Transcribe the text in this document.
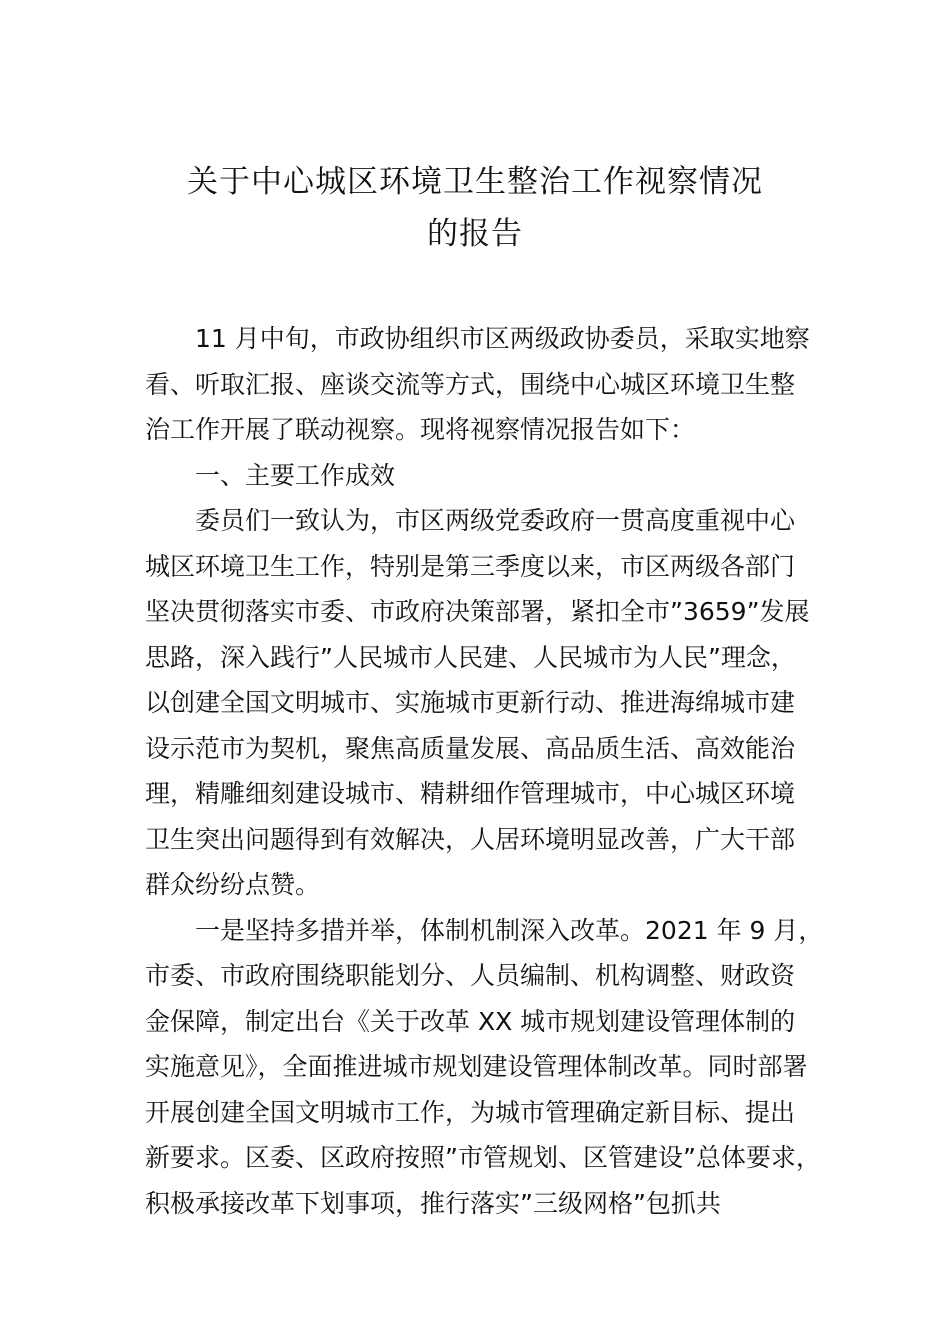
关于中心城区环境卫生整治工作视察情况
的报告

11 月中旬，市政协组织市区两级政协委员，采取实地察
看、听取汇报、座谈交流等方式，围绕中心城区环境卫生整
治工作开展了联动视察。现将视察情况报告如下：

一、主要工作成效

委员们一致认为，市区两级党委政府一贯高度重视中心
城区环境卫生工作，特别是第三季度以来，市区两级各部门
坚决贯彻落实市委、市政府决策部署，紧扣全市”3659”发展
思路，深入践行”人民城市人民建、人民城市为人民”理念，
以创建全国文明城市、实施城市更新行动、推进海绵城市建
设示范市为契机，聚焦高质量发展、高品质生活、高效能治
理，精雕细刻建设城市、精耕细作管理城市，中心城区环境
卫生突出问题得到有效解决，人居环境明显改善，广大干部
群众纷纷点赞。

一是坚持多措并举，体制机制深入改革。2021 年 9 月，
市委、市政府围绕职能划分、人员编制、机构调整、财政资
金保障，制定出台《关于改革 XX 城市规划建设管理体制的
实施意见》，全面推进城市规划建设管理体制改革。同时部署
开展创建全国文明城市工作，为城市管理确定新目标、提出
新要求。区委、区政府按照”市管规划、区管建设”总体要求，
积极承接改革下划事项，推行落实”三级网格”包抓共
